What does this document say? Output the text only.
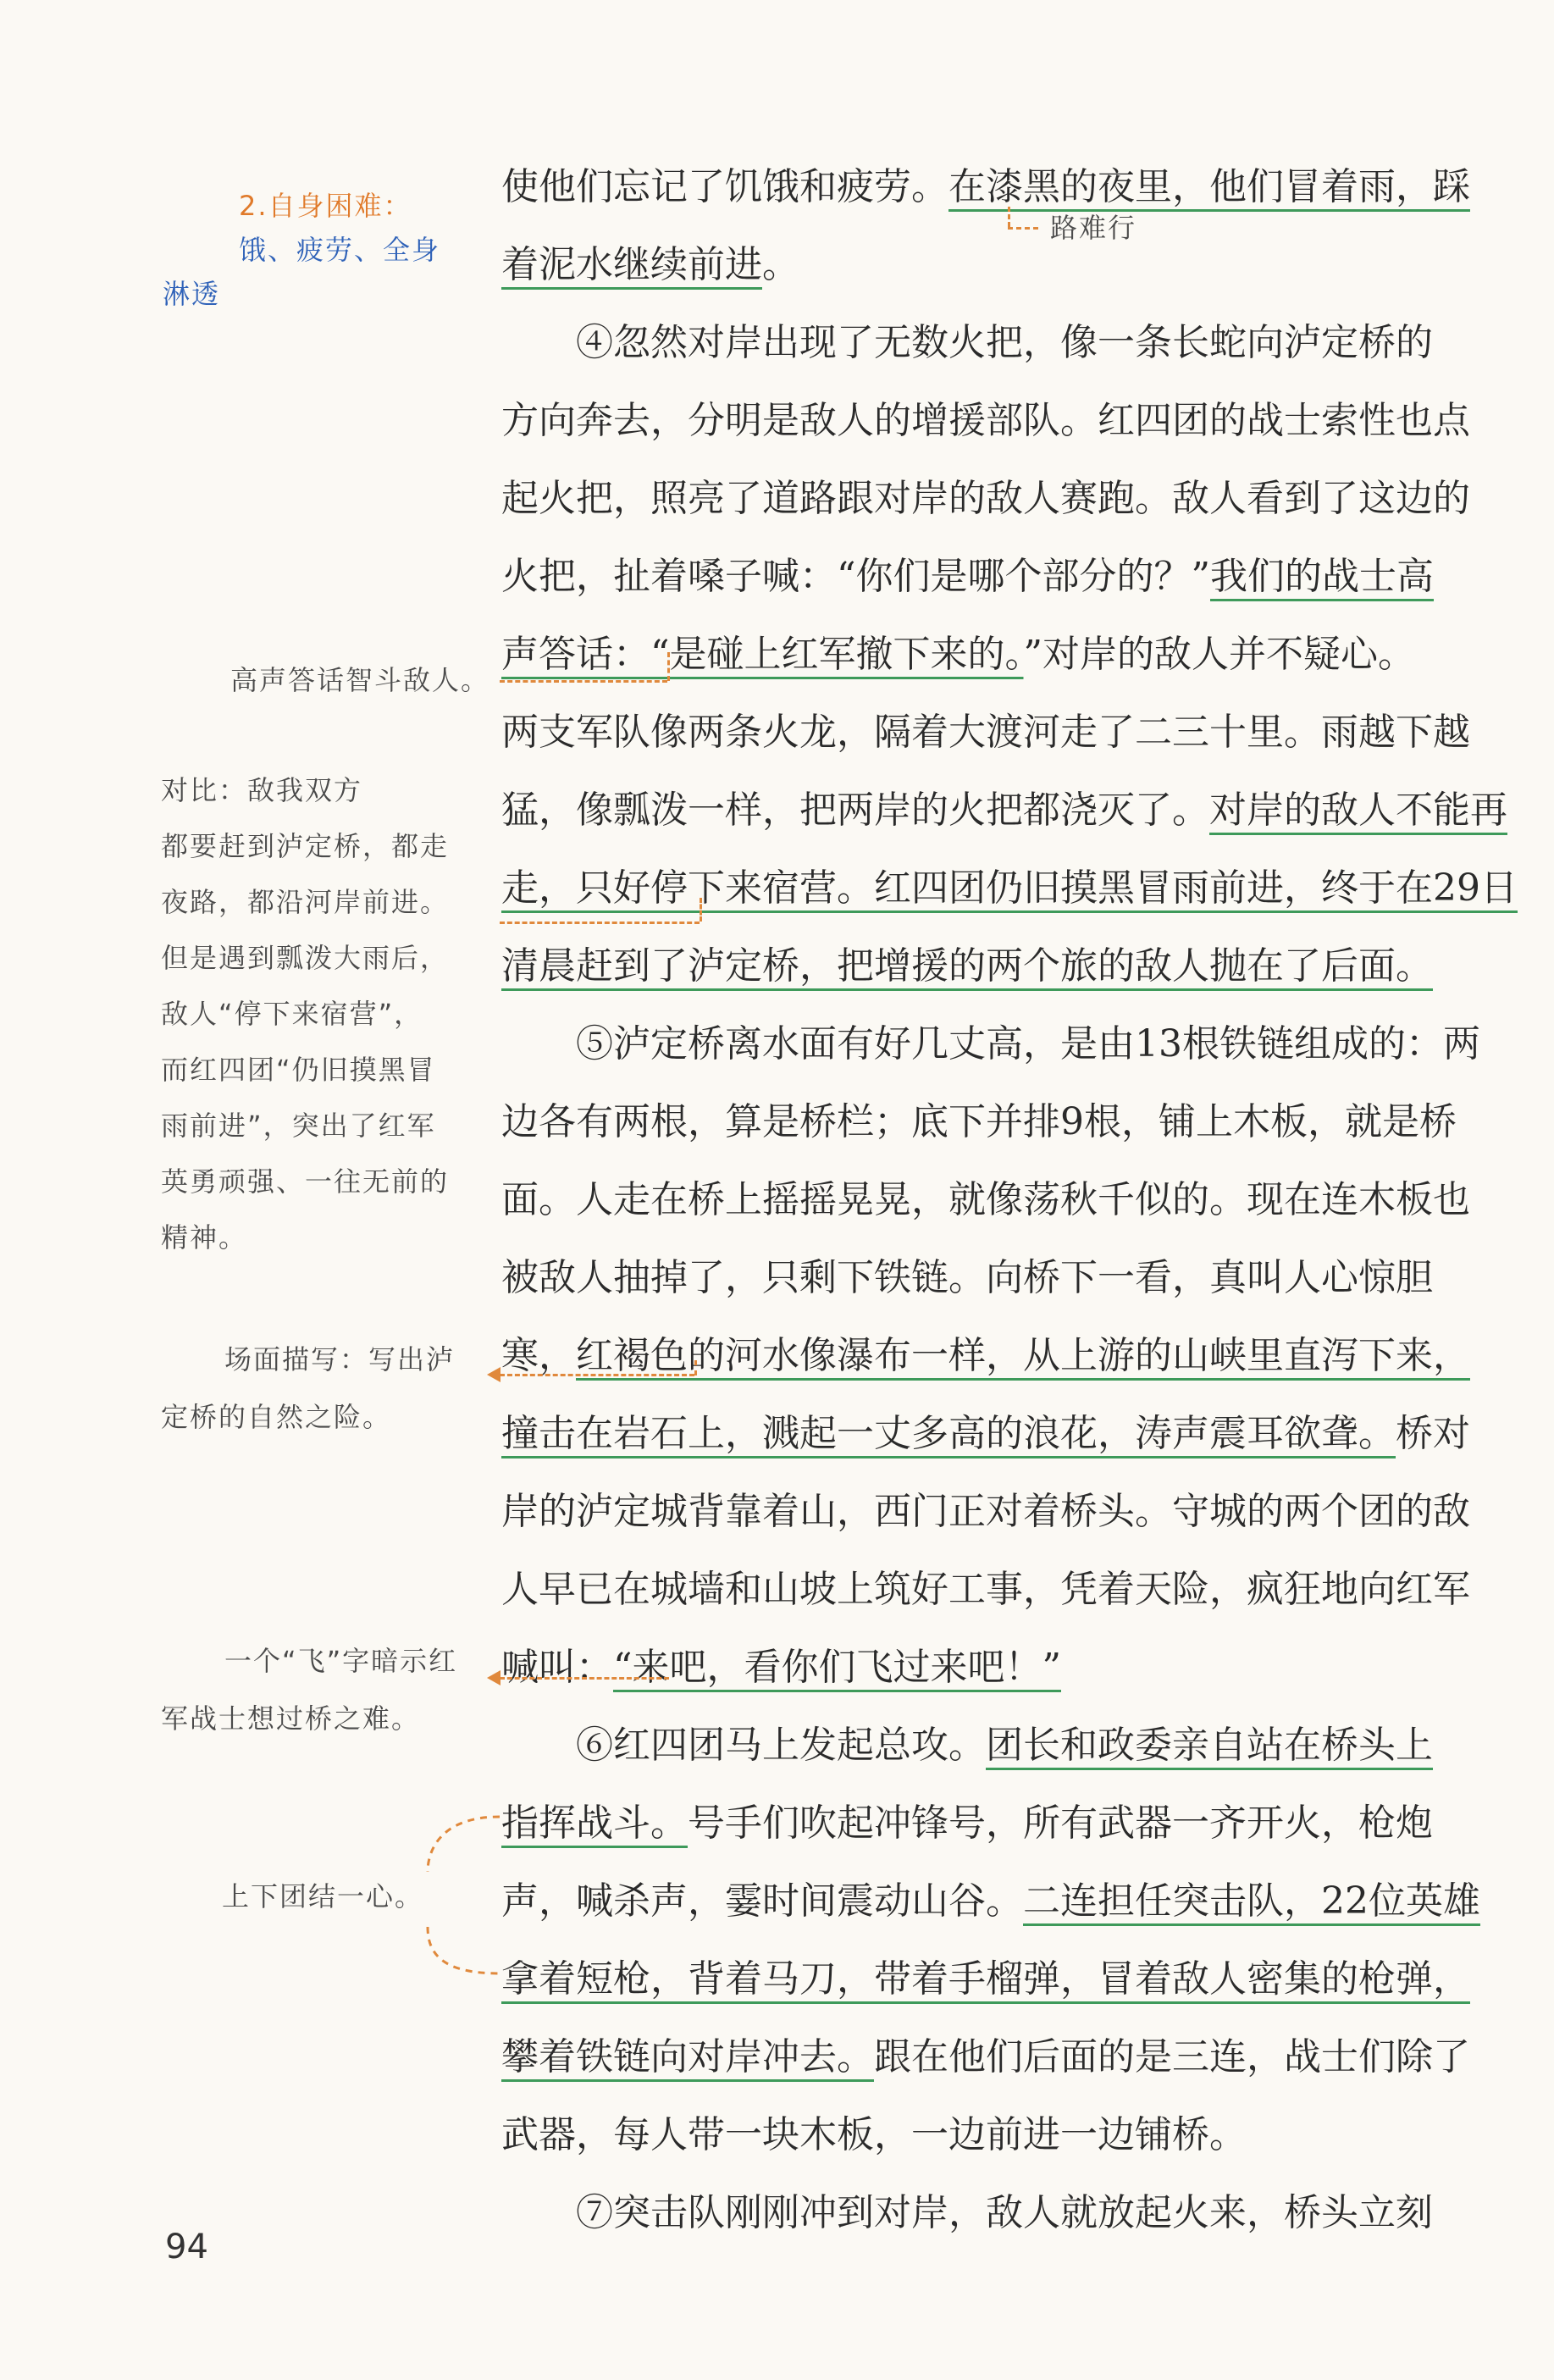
使他们忘记了饥饿和疲劳。在漆黑的夜里，他们冒着雨，踩
着泥水继续前进。
④忽然对岸出现了无数火把，像一条长蛇向泸定桥的
方向奔去，分明是敌人的增援部队。红四团的战士索性也点
起火把，照亮了道路跟对岸的敌人赛跑。敌人看到了这边的
火把，扯着嗓子喊：“你们是哪个部分的？”我们的战士高
声答话：“是碰上红军撤下来的。”对岸的敌人并不疑心。
两支军队像两条火龙，隔着大渡河走了二三十里。雨越下越
猛，像瓢泼一样，把两岸的火把都浇灭了。对岸的敌人不能再
走，只好停下来宿营。红四团仍旧摸黑冒雨前进，终于在29日
清晨赶到了泸定桥，把增援的两个旅的敌人抛在了后面。
⑤泸定桥离水面有好几丈高，是由13根铁链组成的：两
边各有两根，算是桥栏；底下并排9根，铺上木板，就是桥
面。人走在桥上摇摇晃晃，就像荡秋千似的。现在连木板也
被敌人抽掉了，只剩下铁链。向桥下一看，真叫人心惊胆
寒，红褐色的河水像瀑布一样，从上游的山峡里直泻下来，
撞击在岩石上，溅起一丈多高的浪花，涛声震耳欲聋。桥对
岸的泸定城背靠着山，西门正对着桥头。守城的两个团的敌
人早已在城墙和山坡上筑好工事，凭着天险，疯狂地向红军
喊叫：“来吧，看你们飞过来吧！”
⑥红四团马上发起总攻。团长和政委亲自站在桥头上
指挥战斗。号手们吹起冲锋号，所有武器一齐开火，枪炮
声，喊杀声，霎时间震动山谷。二连担任突击队，22位英雄
拿着短枪，背着马刀，带着手榴弹，冒着敌人密集的枪弹，
攀着铁链向对岸冲去。跟在他们后面的是三连，战士们除了
武器，每人带一块木板，一边前进一边铺桥。
⑦突击队刚刚冲到对岸，敌人就放起火来，桥头立刻
2.自身困难：
饿、疲劳、全身
淋透
路难行
高声答话智斗敌人。
对比：敌我双方
都要赶到泸定桥，都走
夜路，都沿河岸前进。
但是遇到瓢泼大雨后，
敌人“停下来宿营”，
而红四团“仍旧摸黑冒
雨前进”，突出了红军
英勇顽强、一往无前的
精神。
场面描写：写出泸
定桥的自然之险。
一个“飞”字暗示红
军战士想过桥之难。
上下团结一心。
94
